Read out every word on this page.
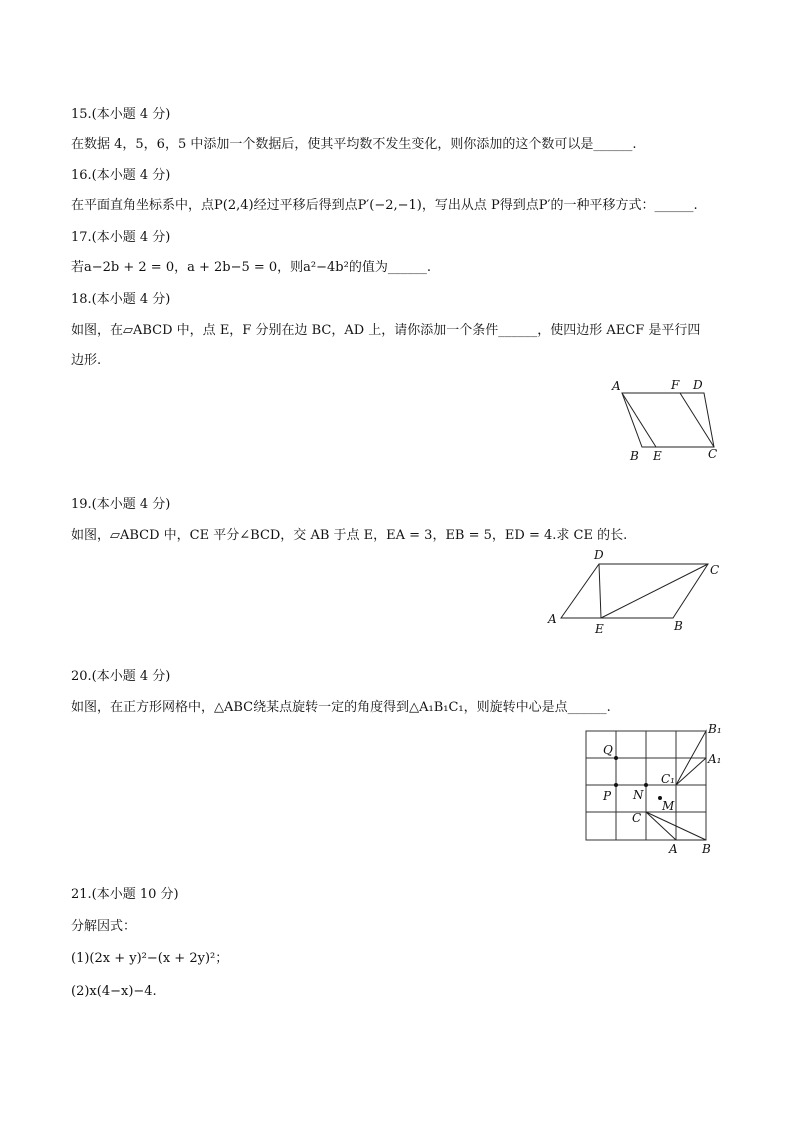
15.(本小题 4 分)
在数据 4，5，6，5 中添加一个数据后，使其平均数不发生变化，则你添加的这个数可以是______.
16.(本小题 4 分)
在平面直角坐标系中，点P(2,4)经过平移后得到点P′(−2,−1)，写出从点 P得到点P′的一种平移方式：______.
17.(本小题 4 分)
若a−2b + 2 = 0，a + 2b−5 = 0，则a²−4b²的值为______.
18.(本小题 4 分)
如图，在▱ABCD 中，点 E，F 分别在边 BC，AD 上，请你添加一个条件______，使四边形 AECF 是平行四
边形.
A	F D
B E	C
19.(本小题 4 分)
如图，▱ABCD 中，CE 平分∠BCD，交 AB 于点 E，EA = 3，EB = 5，ED = 4.求 CE 的长.
D
C
A
E	B
20.(本小题 4 分)
如图，在正方形网格中，△ABC绕某点旋转一定的角度得到△A₁B₁C₁，则旋转中心是点______.
B₁
A₁
Q
C₁
P N
M
C
A B
21.(本小题 10 分)
分解因式：
(1)(2x + y)²−(x + 2y)²；
(2)x(4−x)−4.
